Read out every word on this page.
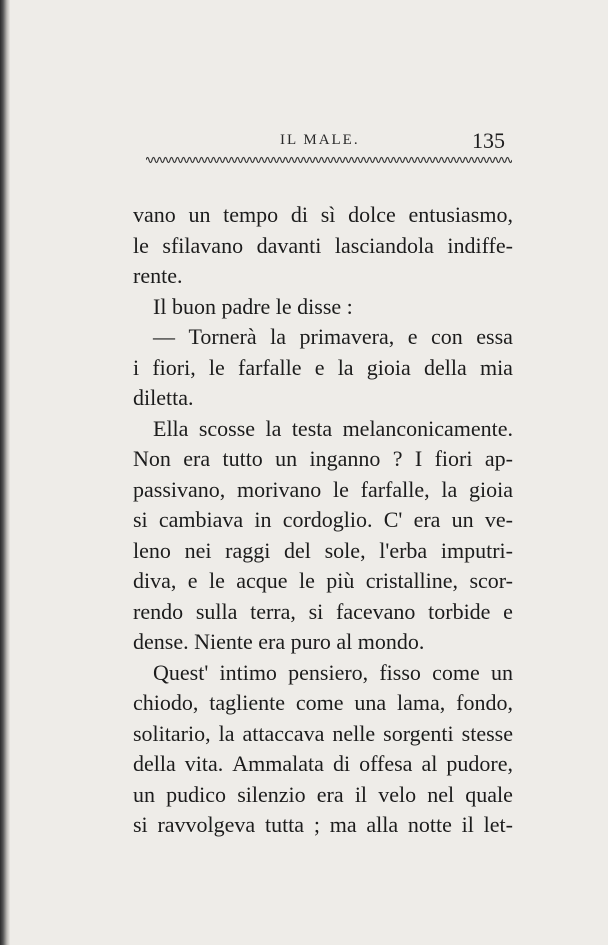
IL MALE.	135
vano un tempo di sì dolce entusiasmo,
le sfilavano davanti lasciandola indiffe-
rente.
Il buon padre le disse :
— Tornerà la primavera, e con essa
i fiori, le farfalle e la gioia della mia
diletta.
Ella scosse la testa melanconicamente.
Non era tutto un inganno ? I fiori ap-
passivano, morivano le farfalle, la gioia
si cambiava in cordoglio. C' era un ve-
leno nei raggi del sole, l'erba imputri-
diva, e le acque le più cristalline, scor-
rendo sulla terra, si facevano torbide e
dense. Niente era puro al mondo.
Quest' intimo pensiero, fisso come un
chiodo, tagliente come una lama, fondo,
solitario, la attaccava nelle sorgenti stesse
della vita. Ammalata di offesa al pudore,
un pudico silenzio era il velo nel quale
si ravvolgeva tutta ; ma alla notte il let-
